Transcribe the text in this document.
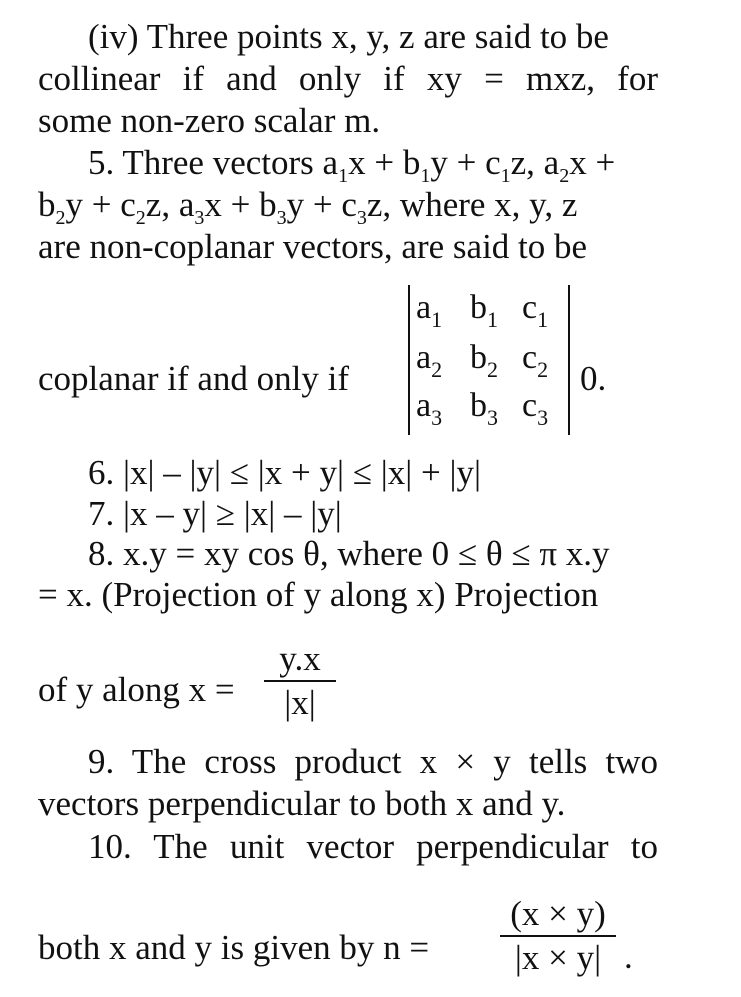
(iv) Three points x, y, z are said to be
collinear if and only if xy = mxz, for
some non-zero scalar m.
5. Three vectors $a_1x + b_1y + c_1z$, $a_2x$ +
$b_2y + c_2z$, $a_3x + b_3y + c_3z$, where x, y, z
are non-coplanar vectors, are said to be
coplanar if and only if
$a_1$ $b_1$ $c_1$
$a_2$ $b_2$ $c_2$
$a_3$ $b_3$ $c_3$
0.
6. |x| – |y| ≤ |x + y| ≤ |x| + |y|
7. |x – y| ≥ |x| – |y|
8. x.y = xy cos θ, where 0 ≤ θ ≤ π x.y
= x. (Projection of y along x) Projection
of y along x =
y.x
|x|
9. The cross product x × y tells two
vectors perpendicular to both x and y.
10. The unit vector perpendicular to
both x and y is given by n =
(x × y)
|x × y| .
